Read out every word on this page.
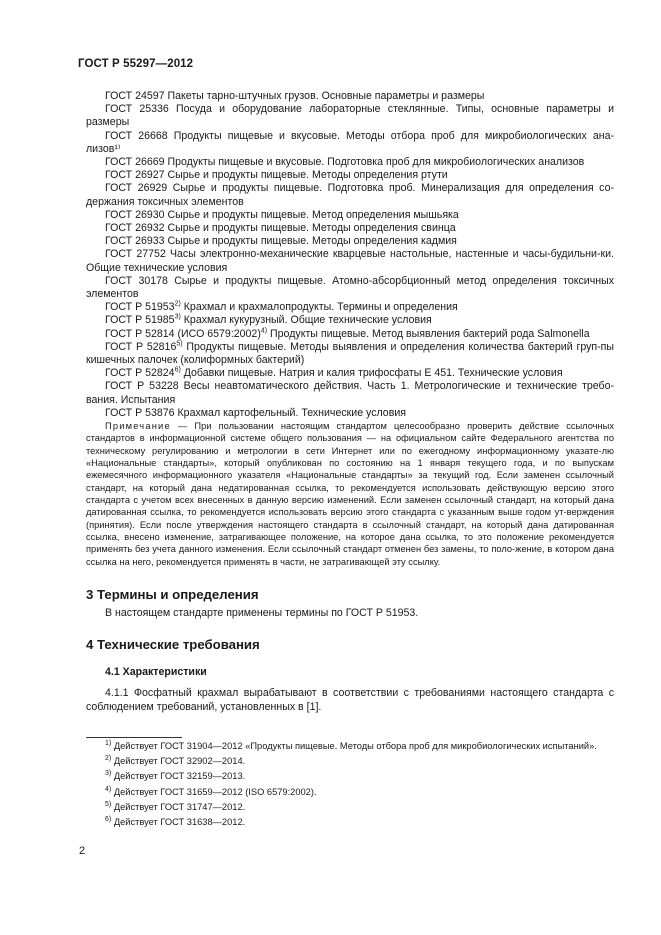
ГОСТ Р 55297—2012

ГОСТ 24597 Пакеты тарно-штучных грузов. Основные параметры и размеры

ГОСТ 25336 Посуда и оборудование лабораторные стеклянные. Типы, основные параметры и размеры

ГОСТ 26668 Продукты пищевые и вкусовые. Методы отбора проб для микробиологических ана-лизов¹⁾

ГОСТ 26669 Продукты пищевые и вкусовые. Подготовка проб для микробиологических анализов

ГОСТ 26927 Сырье и продукты пищевые. Методы определения ртути

ГОСТ 26929 Сырье и продукты пищевые. Подготовка проб. Минерализация для определения со-держания токсичных элементов

ГОСТ 26930 Сырье и продукты пищевые. Метод определения мышьяка

ГОСТ 26932 Сырье и продукты пищевые. Методы определения свинца

ГОСТ 26933 Сырье и продукты пищевые. Методы определения кадмия

ГОСТ 27752 Часы электронно-механические кварцевые настольные, настенные и часы-будильни-ки. Общие технические условия

ГОСТ 30178 Сырье и продукты пищевые. Атомно-абсорбционный метод определения токсичных элементов

ГОСТ Р 51953$^{2)}$ Крахмал и крахмалопродукты. Термины и определения

ГОСТ Р 51985$^{3)}$ Крахмал кукурузный. Общие технические условия

ГОСТ Р 52814 (ИСО 6579:2002)$^{4)}$ Продукты пищевые. Метод выявления бактерий рода Salmonella

ГОСТ Р 52816$^{5)}$ Продукты пищевые. Методы выявления и определения количества бактерий груп-пы кишечных палочек (колиформных бактерий)

ГОСТ Р 52824$^{6)}$ Добавки пищевые. Натрия и калия трифосфаты Е 451. Технические условия

ГОСТ Р 53228 Весы неавтоматического действия. Часть 1. Метрологические и технические требо-вания. Испытания

ГОСТ Р 53876 Крахмал картофельный. Технические условия

Примечание — При пользовании настоящим стандартом целесообразно проверить действие ссылочных стандартов в информационной системе общего пользования — на официальном сайте Федерального агентства по техническому регулированию и метрологии в сети Интернет или по ежегодному информационному указате-лю «Национальные стандарты», который опубликован по состоянию на 1 января текущего года, и по выпускам ежемесячного информационного указателя «Национальные стандарты» за текущий год. Если заменен ссылочный стандарт, на который дана недатированная ссылка, то рекомендуется использовать действующую версию этого стандарта с учетом всех внесенных в данную версию изменений. Если заменен ссылочный стандарт, на который дана датированная ссылка, то рекомендуется использовать версию этого стандарта с указанным выше годом ут-верждения (принятия). Если после утверждения настоящего стандарта в ссылочный стандарт, на который дана датированная ссылка, внесено изменение, затрагивающее положение, на которое дана ссылка, то это положение рекомендуется применять без учета данного изменения. Если ссылочный стандарт отменен без замены, то поло-жение, в котором дана ссылка на него, рекомендуется применять в части, не затрагивающей эту ссылку.
3 Термины и определения
В настоящем стандарте применены термины по ГОСТ Р 51953.
4 Технические требования
4.1 Характеристики
4.1.1 Фосфатный крахмал вырабатывают в соответствии с требованиями настоящего стандарта с соблюдением требований, установленных в [1].

$^{1)}$ Действует ГОСТ 31904—2012 «Продукты пищевые. Методы отбора проб для микробиологических испытаний».

$^{2)}$ Действует ГОСТ 32902—2014.

$^{3)}$ Действует ГОСТ 32159—2013.

$^{4)}$ Действует ГОСТ 31659—2012 (ISO 6579:2002).

$^{5)}$ Действует ГОСТ 31747—2012.

$^{6)}$ Действует ГОСТ 31638—2012.

2
